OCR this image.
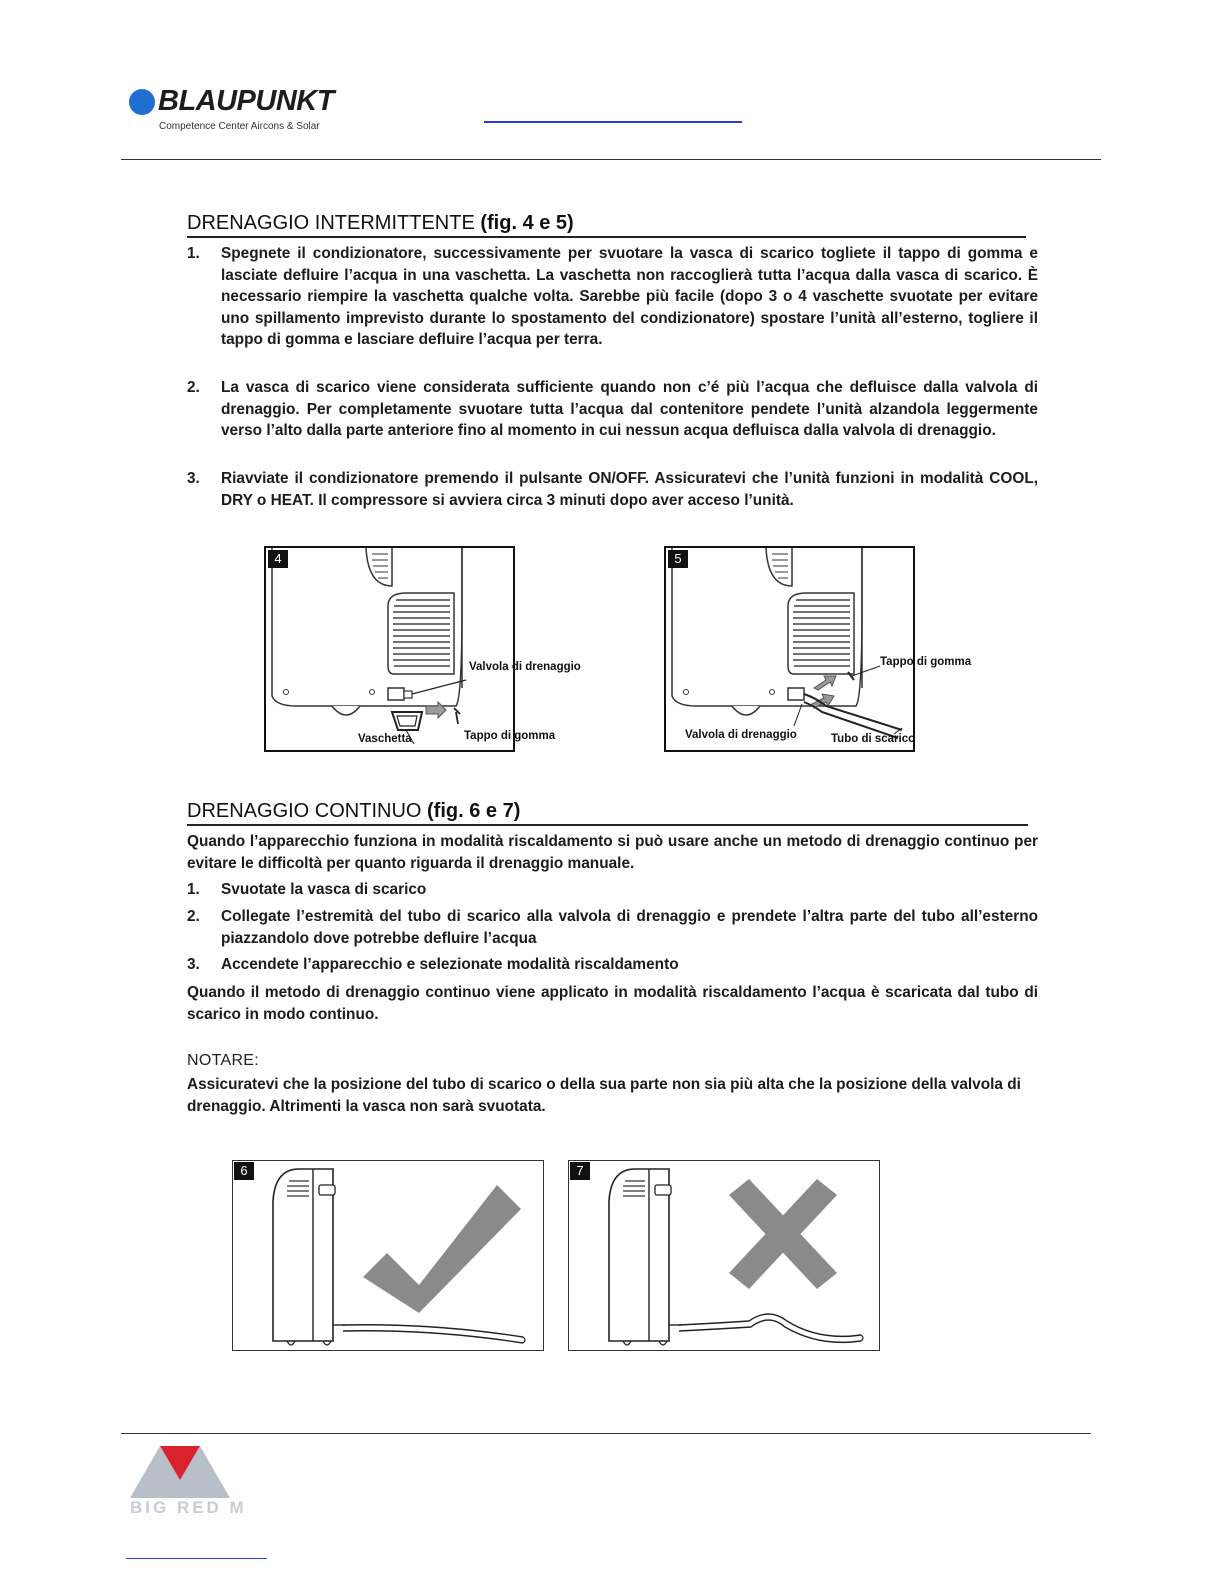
BLAUPUNKT
Competence Center Aircons & Solar
DRENAGGIO INTERMITTENTE (fig. 4 e 5)
1. Spegnete il condizionatore, successivamente per svuotare la vasca di scarico togliete il tappo di gomma e lasciate defluire l’acqua in una vaschetta. La vaschetta non raccoglierà tutta l’acqua dalla vasca di scarico. È necessario riempire la vaschetta qualche volta. Sarebbe più facile (dopo 3 o 4 vaschette svuotate per evitare uno spillamento imprevisto durante lo spostamento del condizionatore) spostare l’unità all’esterno, togliere il tappo di gomma e lasciare defluire l’acqua per terra.
2. La vasca di scarico viene considerata sufficiente quando non c’é più l’acqua che defluisce dalla valvola di drenaggio. Per completamente svuotare tutta l’acqua dal contenitore pendete l’unità alzandola leggermente verso l’alto dalla parte anteriore fino al momento in cui nessun acqua defluisca dalla valvola di drenaggio.
3. Riavviate il condizionatore premendo il pulsante ON/OFF. Assicuratevi che l’unità funzioni in modalità COOL, DRY o HEAT. Il compressore si avviera circa 3 minuti dopo aver acceso l’unità.
4
Valvola di drenaggio
Vaschetta	Tappo di gomma
5
Tappo di gomma
Valvola di drenaggio	Tubo di scarico
DRENAGGIO CONTINUO (fig. 6 e 7)
Quando l’apparecchio funziona in modalità riscaldamento si può usare anche un metodo di drenaggio continuo per evitare le difficoltà per quanto riguarda il drenaggio manuale.
1. Svuotate la vasca di scarico
2. Collegate l’estremità del tubo di scarico alla valvola di drenaggio e prendete l’altra parte del tubo all’esterno piazzandolo dove potrebbe defluire l’acqua
3. Accendete l’apparecchio e selezionate modalità riscaldamento
Quando il metodo di drenaggio continuo viene applicato in modalità riscaldamento l’acqua è scaricata dal tubo di scarico in modo continuo.
NOTARE:
Assicuratevi che la posizione del tubo di scarico o della sua parte non sia più alta che la posizione della valvola di drenaggio. Altrimenti la vasca non sarà svuotata.
6	7
BIG RED M
